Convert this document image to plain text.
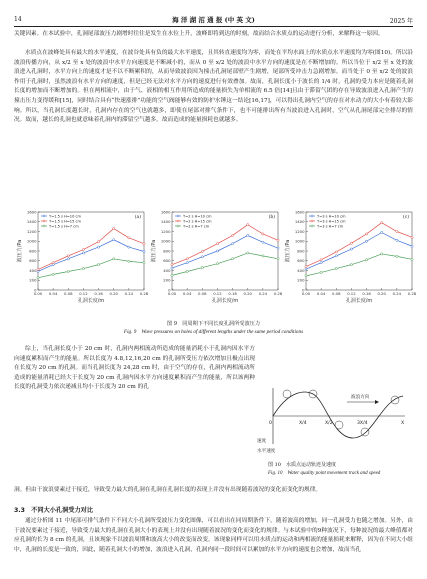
14	海 洋 湖 沼 通 报 (中 英 文)	2025 年

关键因素。在本试验中，孔洞尾部波压力剧增时往往是发生在水位上升，波峰即将到达的时刻，故而结合水质点的运动进行分析，来解释这一原因。

水质点在波峰处具有最大的水平速度，在波谷处具有负的最大水平速度，且其转直速度均为零，而处在平均水面上的水质点水平速度均为零(图10)。所以沿波浪传播方向，从 x/2 至 x 处的波浪中水平方向速度是不断减小的，而从 0 至 x/2 处的波浪中水平方向的速度是在不断增加的。所以当位于 x/2 至 x 处的波浪进入孔洞时，水平方向上的速度才是不以不断累积的，从而导致波浪因为撞击孔洞尾部壁产生剧增，尾部所受冲击力急剧增加。而当处于 0 至 x/2 处的波浪作用于孔洞时，虽然波浪有水平方向的速度，但是已经无法对水平方向的速度进行有效叠加。故而，孔洞长度小于波长的 1/4 时，孔洞的受力本应是随着孔洞长度的增加而不断增加的。但在两相流中，由于气、液相的相互作用所造成的能量损失为单相流的 6.5 倍[14]且由于滞留气团的存在导致波浪进入孔洞产生的撞击压力变得缓和[15]，同时结合具有“快速涨排”功能的空气阀能够有效的防护水锤这一结论[16,17]，可以得出孔洞内空气的存在对水动力的大小有着较大影响。所以，当孔洞长度越长时，孔洞内存在的空气也就越多，即使在尾部对排气条件下，也不可能排出所有当波浪进入孔洞时，空气从孔洞尾部完全排尽的情况。故而，越长的孔洞也就意味着孔洞内的滞留空气越多，故而造成的能量损耗也就越多。

0
200
400
600
800
1000
1200
1400
1600
0.00 0.04 0.08 0.12 0.16 0.20 0.24 0.28
孔洞长度/m
波压力/Pa
(a)
T=1.5 s H=10 cm
T=1.5 s H=15 cm
T=1.5 s H=7 cm
0
200
400
600
800
1000
1200
1400
1600
0.00 0.04 0.08 0.12 0.16 0.20 0.24 0.28
孔洞长度/m
波压力/Pa
(b)
T=2 s H=10 cm
T=2 s H=15 cm
T=2 s H=7 cm
0
200
400
600
800
1000
1200
1400
1600
0.00 0.04 0.08 0.12 0.16 0.20 0.24 0.28
孔洞长度/m
波压力/Pa
(c)
T=3 s H=10 cm
T=3 s H=15 cm
T=3 s H=7 cm
图 9　同周期下不同长度孔洞所受波压力
Fig. 9　Wave pressures on holes of different lengths under the same period conditions

综上，当孔洞长度小于 20 cm 时，孔洞内两相流动所造成的能量消耗小于孔洞内因水平方向速度累积而产生的能量。所以长度为 4.8,12,16,20 cm 的孔洞所受压力依次增加且极点出现在长度为 20 cm 的孔洞。而当孔洞长度为 24,28 cm 时，由于空气的存在，孔洞内两相流动所造成的能量消耗已经大于长度为 20 cm 孔洞内因水平方向速度累积而产生的能量，所以该两种长度的孔洞受力依次递减且均小于长度为 20 cm 的孔

波浪方向
0	X/4	X/2	3X/4	X
速度
水平速度
图 10　水质点运动轨迹及速度
Fig. 10　Water quality point movement track and speed

洞。但由于波浪要素过于接近，导致受力最大的孔洞在孔洞在孔洞长度的表现上并没有出现随着波况的变化而变化的规律。

3.3　 不同大小孔洞受力对比

通过分析图 11 中尾部可排气条件下不同大小孔洞所受波压力变化图像，可以看出在同周期条件下，随着波高的增加，同一孔洞受力也随之增加。另外，由于波况要素过于接近，导致受力最大的孔洞在孔洞大小的表现上并没有出现随着波况的变化而变化的规律。与本试验中的9种波况下，每种波况的最大峰值都对应孔洞的长为 8 cm 的孔洞，且该现象不以波浪周期和波高大小的改变而改变。该现象同样可以用水质点的运动和两相流的能量损耗来解释，因为在不同大小组中，孔洞的长度是一致的，因此，随着孔洞大小的增加，波浪进入孔洞，孔洞内同一段时间可以累加的水平方向的速度也会增加，故而当孔
